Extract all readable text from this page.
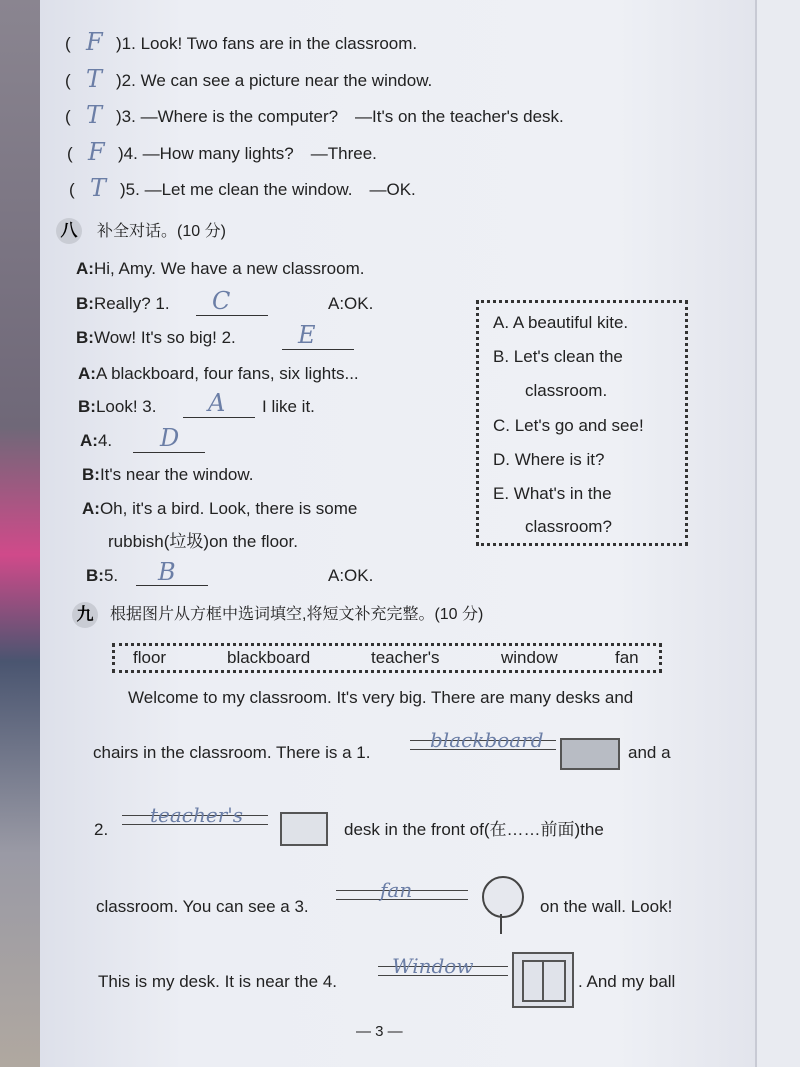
( F )1. Look! Two fans are in the classroom.
( T )2. We can see a picture near the window.
( T )3. —Where is the computer?　—It's on the teacher's desk.
( F )4. —How many lights?　—Three.
( T )5. —Let me clean the window.　—OK.
八 补全对话。(10 分)
A:Hi, Amy. We have a new classroom.
B:Really? 1. C	A:OK.
B:Wow! It's so big! 2.	E
A:A blackboard, four fans, six lights...
B:Look! 3. A I like it.
A:4. D
B:It's near the window.
A:Oh, it's a bird. Look, there is some
rubbish(垃圾)on the floor.
B:5. B	A:OK.
A. A beautiful kite.
B. Let's clean the
classroom.
C. Let's go and see!
D. Where is it?
E. What's in the
classroom?
九 根据图片从方框中选词填空,将短文补充完整。(10 分)
floor	blackboard	teacher's	window	fan
Welcome to my classroom. It's very big. There are many desks and
chairs in the classroom. There is a 1.
blackboard
and a
2.
teacher's
desk in the front of(在……前面)the
classroom. You can see a 3.
fan
on the wall. Look!
This is my desk. It is near the 4.
Window
. And my ball
— 3 —
